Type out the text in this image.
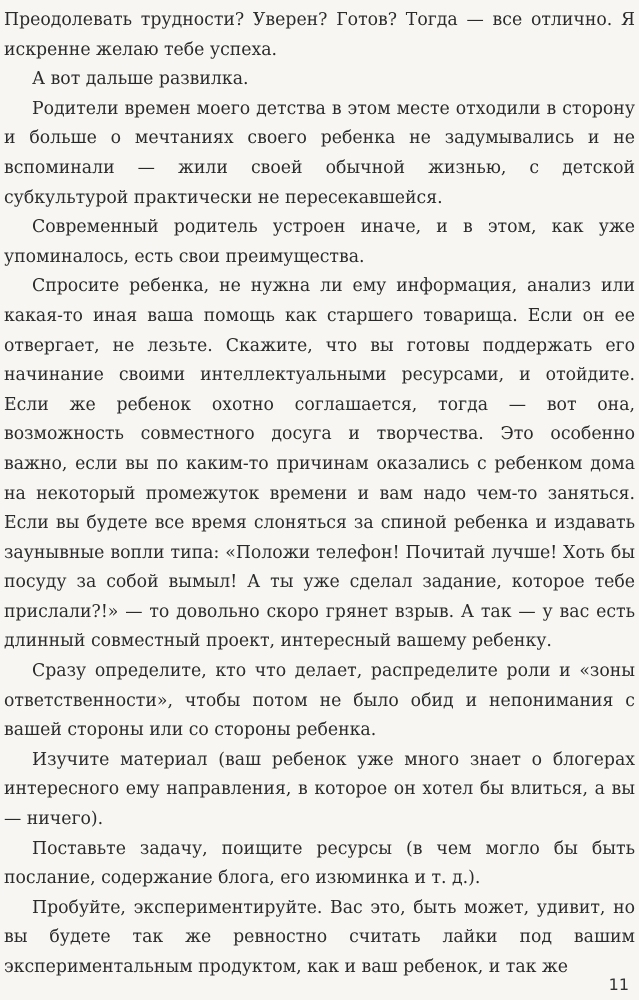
Преодолевать трудности? Уверен? Готов? Тогда — все отлично. Я искренне желаю тебе успеха.

А вот дальше развилка.

Родители времен моего детства в этом месте отходили в сторону и больше о мечтаниях своего ребенка не задумывались и не вспоминали — жили своей обычной жизнью, с детской субкультурой практически не пересекавшейся.

Современный родитель устроен иначе, и в этом, как уже упоминалось, есть свои преимущества.

Спросите ребенка, не нужна ли ему информация, анализ или какая-то иная ваша помощь как старшего товарища. Если он ее отвергает, не лезьте. Скажите, что вы готовы поддержать его начинание своими интеллектуальными ресурсами, и отойдите. Если же ребенок охотно соглашается, тогда — вот она, возможность совместного досуга и творчества. Это особенно важно, если вы по каким-то причинам оказались с ребенком дома на некоторый промежуток времени и вам надо чем-то заняться. Если вы будете все время слоняться за спиной ребенка и издавать заунывные вопли типа: «Положи телефон! Почитай лучше! Хоть бы посуду за собой вымыл! А ты уже сделал задание, которое тебе прислали?!» — то довольно скоро грянет взрыв. А так — у вас есть длинный совместный проект, интересный вашему ребенку.

Сразу определите, кто что делает, распределите роли и «зоны ответственности», чтобы потом не было обид и непонимания с вашей стороны или со стороны ребенка.

Изучите материал (ваш ребенок уже много знает о блогерах интересного ему направления, в которое он хотел бы влиться, а вы — ничего).

Поставьте задачу, поищите ресурсы (в чем могло бы быть послание, содержание блога, его изюминка и т. д.).

Пробуйте, экспериментируйте. Вас это, быть может, удивит, но вы будете так же ревностно считать лайки под вашим экспериментальным продуктом, как и ваш ребенок, и так же

11
